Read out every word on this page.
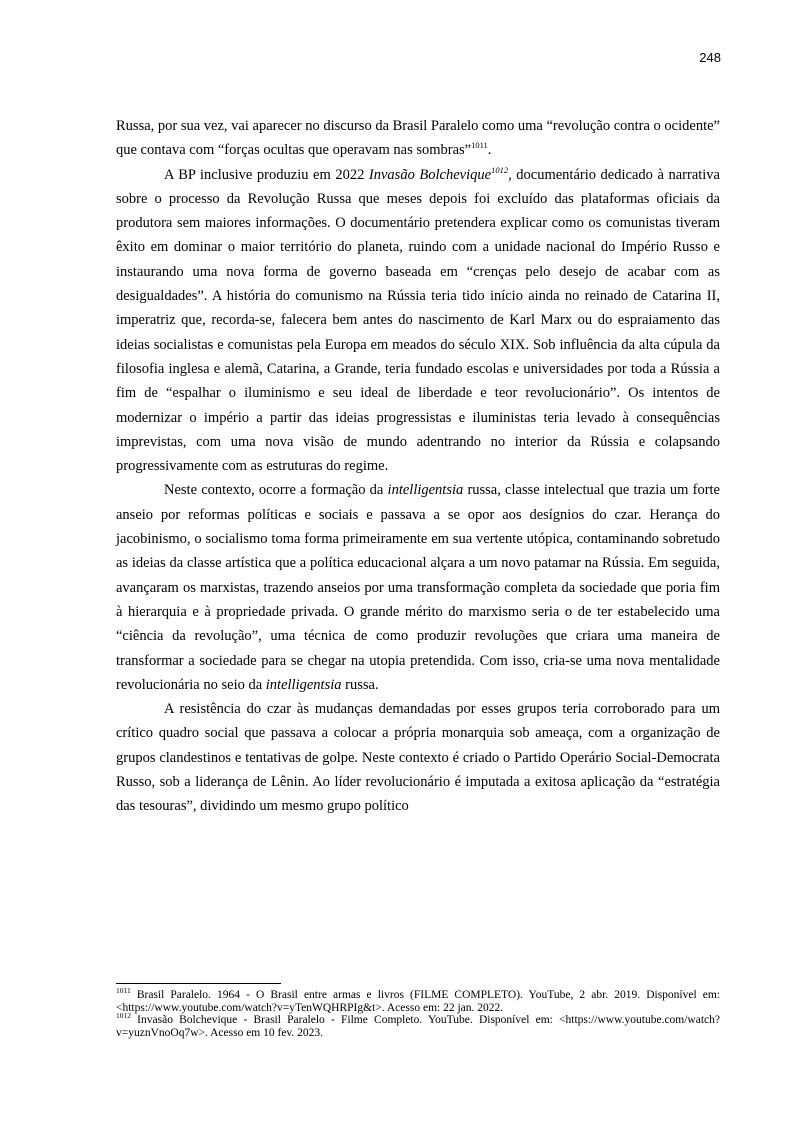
248

Russa, por sua vez, vai aparecer no discurso da Brasil Paralelo como uma “revolução contra o ocidente” que contava com “forças ocultas que operavam nas sombras”$^{1011}$.

A BP inclusive produziu em 2022 Invasão Bolchevique$^{1012}$, documentário dedicado à narrativa sobre o processo da Revolução Russa que meses depois foi excluído das plataformas oficiais da produtora sem maiores informações. O documentário pretendera explicar como os comunistas tiveram êxito em dominar o maior território do planeta, ruindo com a unidade nacional do Império Russo e instaurando uma nova forma de governo baseada em “crenças pelo desejo de acabar com as desigualdades”. A história do comunismo na Rússia teria tido início ainda no reinado de Catarina II, imperatriz que, recorda-se, falecera bem antes do nascimento de Karl Marx ou do espraiamento das ideias socialistas e comunistas pela Europa em meados do século XIX. Sob influência da alta cúpula da filosofia inglesa e alemã, Catarina, a Grande, teria fundado escolas e universidades por toda a Rússia a fim de “espalhar o iluminismo e seu ideal de liberdade e teor revolucionário”. Os intentos de modernizar o império a partir das ideias progressistas e iluministas teria levado à consequências imprevistas, com uma nova visão de mundo adentrando no interior da Rússia e colapsando progressivamente com as estruturas do regime.

Neste contexto, ocorre a formação da intelligentsia russa, classe intelectual que trazia um forte anseio por reformas políticas e sociais e passava a se opor aos desígnios do czar. Herança do jacobinismo, o socialismo toma forma primeiramente em sua vertente utópica, contaminando sobretudo as ideias da classe artística que a política educacional alçara a um novo patamar na Rússia. Em seguida, avançaram os marxistas, trazendo anseios por uma transformação completa da sociedade que poria fim à hierarquia e à propriedade privada. O grande mérito do marxismo seria o de ter estabelecido uma “ciência da revolução”, uma técnica de como produzir revoluções que criara uma maneira de transformar a sociedade para se chegar na utopia pretendida. Com isso, cria-se uma nova mentalidade revolucionária no seio da intelligentsia russa.

A resistência do czar às mudanças demandadas por esses grupos teria corroborado para um crítico quadro social que passava a colocar a própria monarquia sob ameaça, com a organização de grupos clandestinos e tentativas de golpe. Neste contexto é criado o Partido Operário Social-Democrata Russo, sob a liderança de Lênin. Ao líder revolucionário é imputada a exitosa aplicação da “estratégia das tesouras”, dividindo um mesmo grupo político

$^{1011}$ Brasil Paralelo. 1964 - O Brasil entre armas e livros (FILME COMPLETO). YouTube, 2 abr. 2019. Disponível em: <https://www.youtube.com/watch?v=yTenWQHRPIg&t>. Acesso em: 22 jan. 2022.

$^{1012}$ Invasão Bolchevique - Brasil Paralelo - Filme Completo. YouTube. Disponível em: <https://www.youtube.com/watch?v=yuznVnoOq7w>. Acesso em 10 fev. 2023.
